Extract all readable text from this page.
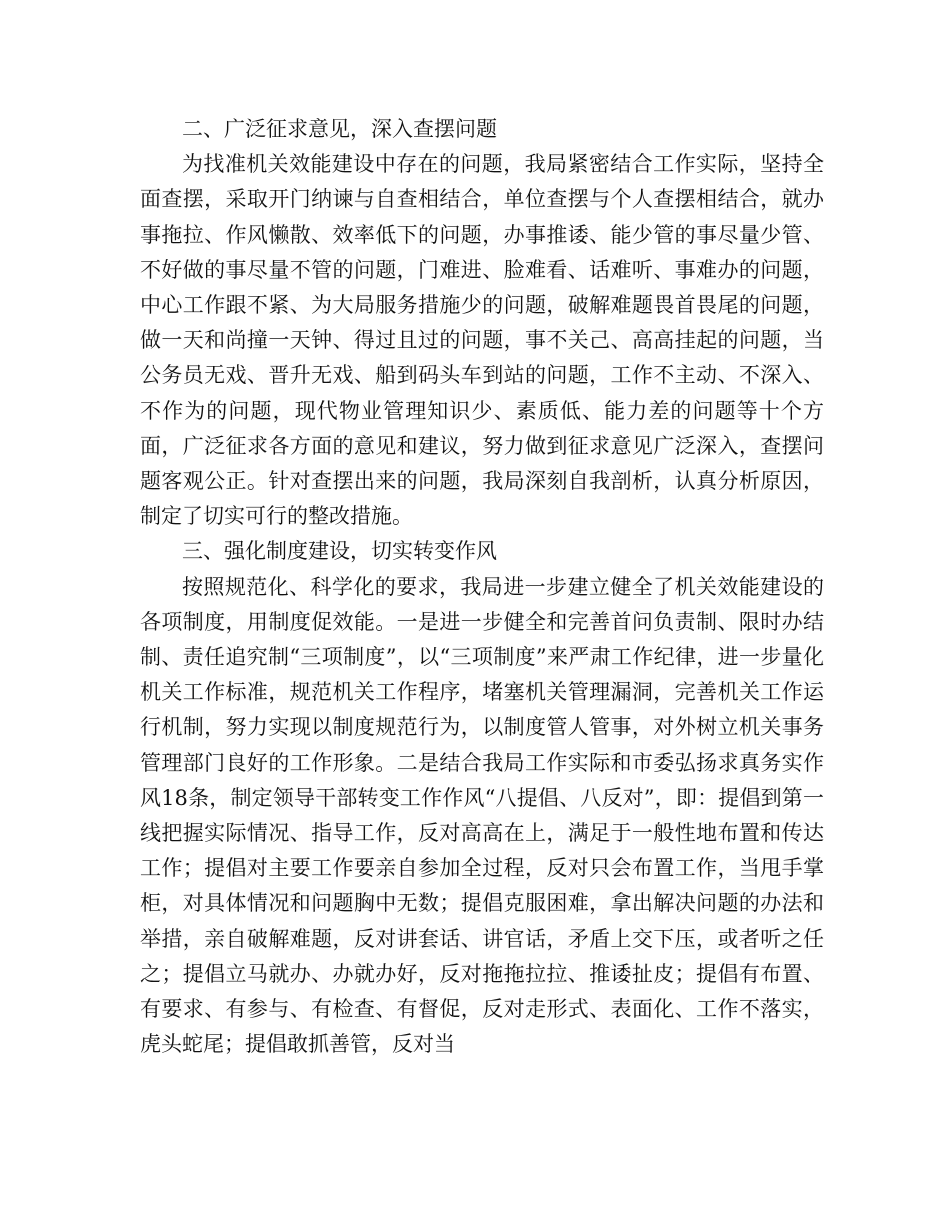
二、广泛征求意见，深入查摆问题

为找准机关效能建设中存在的问题，我局紧密结合工作实际，坚持全面查摆，采取开门纳谏与自查相结合，单位查摆与个人查摆相结合，就办事拖拉、作风懒散、效率低下的问题，办事推诿、能少管的事尽量少管、不好做的事尽量不管的问题，门难进、脸难看、话难听、事难办的问题，中心工作跟不紧、为大局服务措施少的问题，破解难题畏首畏尾的问题，做一天和尚撞一天钟、得过且过的问题，事不关己、高高挂起的问题，当公务员无戏、晋升无戏、船到码头车到站的问题，工作不主动、不深入、不作为的问题，现代物业管理知识少、素质低、能力差的问题等十个方面，广泛征求各方面的意见和建议，努力做到征求意见广泛深入，查摆问题客观公正。针对查摆出来的问题，我局深刻自我剖析，认真分析原因，制定了切实可行的整改措施。

三、强化制度建设，切实转变作风

按照规范化、科学化的要求，我局进一步建立健全了机关效能建设的各项制度，用制度促效能。一是进一步健全和完善首问负责制、限时办结制、责任追究制“三项制度”，以“三项制度”来严肃工作纪律，进一步量化机关工作标准，规范机关工作程序，堵塞机关管理漏洞，完善机关工作运行机制，努力实现以制度规范行为，以制度管人管事，对外树立机关事务管理部门良好的工作形象。二是结合我局工作实际和市委弘扬求真务实作风18条，制定领导干部转变工作作风“八提倡、八反对”，即：提倡到第一线把握实际情况、指导工作，反对高高在上，满足于一般性地布置和传达工作；提倡对主要工作要亲自参加全过程，反对只会布置工作，当甩手掌柜，对具体情况和问题胸中无数；提倡克服困难，拿出解决问题的办法和举措，亲自破解难题，反对讲套话、讲官话，矛盾上交下压，或者听之任之；提倡立马就办、办就办好，反对拖拖拉拉、推诿扯皮；提倡有布置、有要求、有参与、有检查、有督促，反对走形式、表面化、工作不落实，虎头蛇尾；提倡敢抓善管，反对当
